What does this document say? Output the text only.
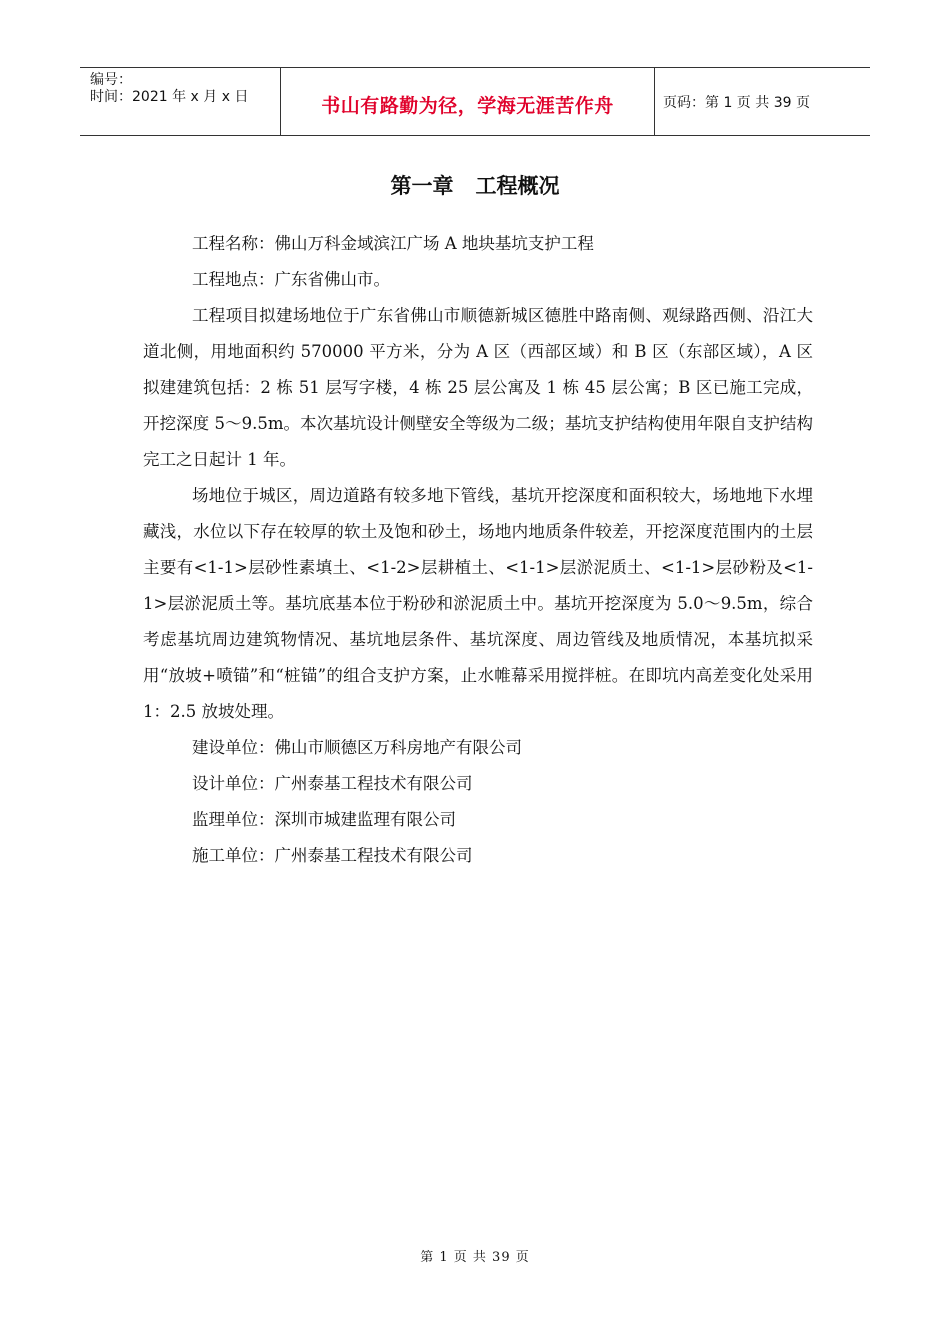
编号：
时间：2021 年 x 月 x 日	书山有路勤为径，学海无涯苦作舟	页码：第 1 页 共 39 页
第一章 工程概况

工程名称：佛山万科金域滨江广场 A 地块基坑支护工程

工程地点：广东省佛山市。

工程项目拟建场地位于广东省佛山市顺德新城区德胜中路南侧、观绿路西侧、沿江大道北侧，用地面积约 570000 平方米，分为 A 区（西部区域）和 B 区（东部区域），A 区拟建建筑包括：2 栋 51 层写字楼，4 栋 25 层公寓及 1 栋 45 层公寓；B 区已施工完成，开挖深度 5～9.5m。本次基坑设计侧壁安全等级为二级；基坑支护结构使用年限自支护结构完工之日起计 1 年。

场地位于城区，周边道路有较多地下管线，基坑开挖深度和面积较大，场地地下水埋藏浅，水位以下存在较厚的软土及饱和砂土，场地内地质条件较差，开挖深度范围内的土层主要有<1-1>层砂性素填土、<1-2>层耕植土、<1-1>层淤泥质土、<1-1>层砂粉及<1-1>层淤泥质土等。基坑底基本位于粉砂和淤泥质土中。基坑开挖深度为 5.0～9.5m，综合考虑基坑周边建筑物情况、基坑地层条件、基坑深度、周边管线及地质情况，本基坑拟采用“放坡+喷锚”和“桩锚”的组合支护方案，止水帷幕采用搅拌桩。在即坑内高差变化处采用 1：2.5 放坡处理。

建设单位：佛山市顺德区万科房地产有限公司

设计单位：广州泰基工程技术有限公司

监理单位：深圳市城建监理有限公司

施工单位：广州泰基工程技术有限公司

第 1 页 共 39 页
